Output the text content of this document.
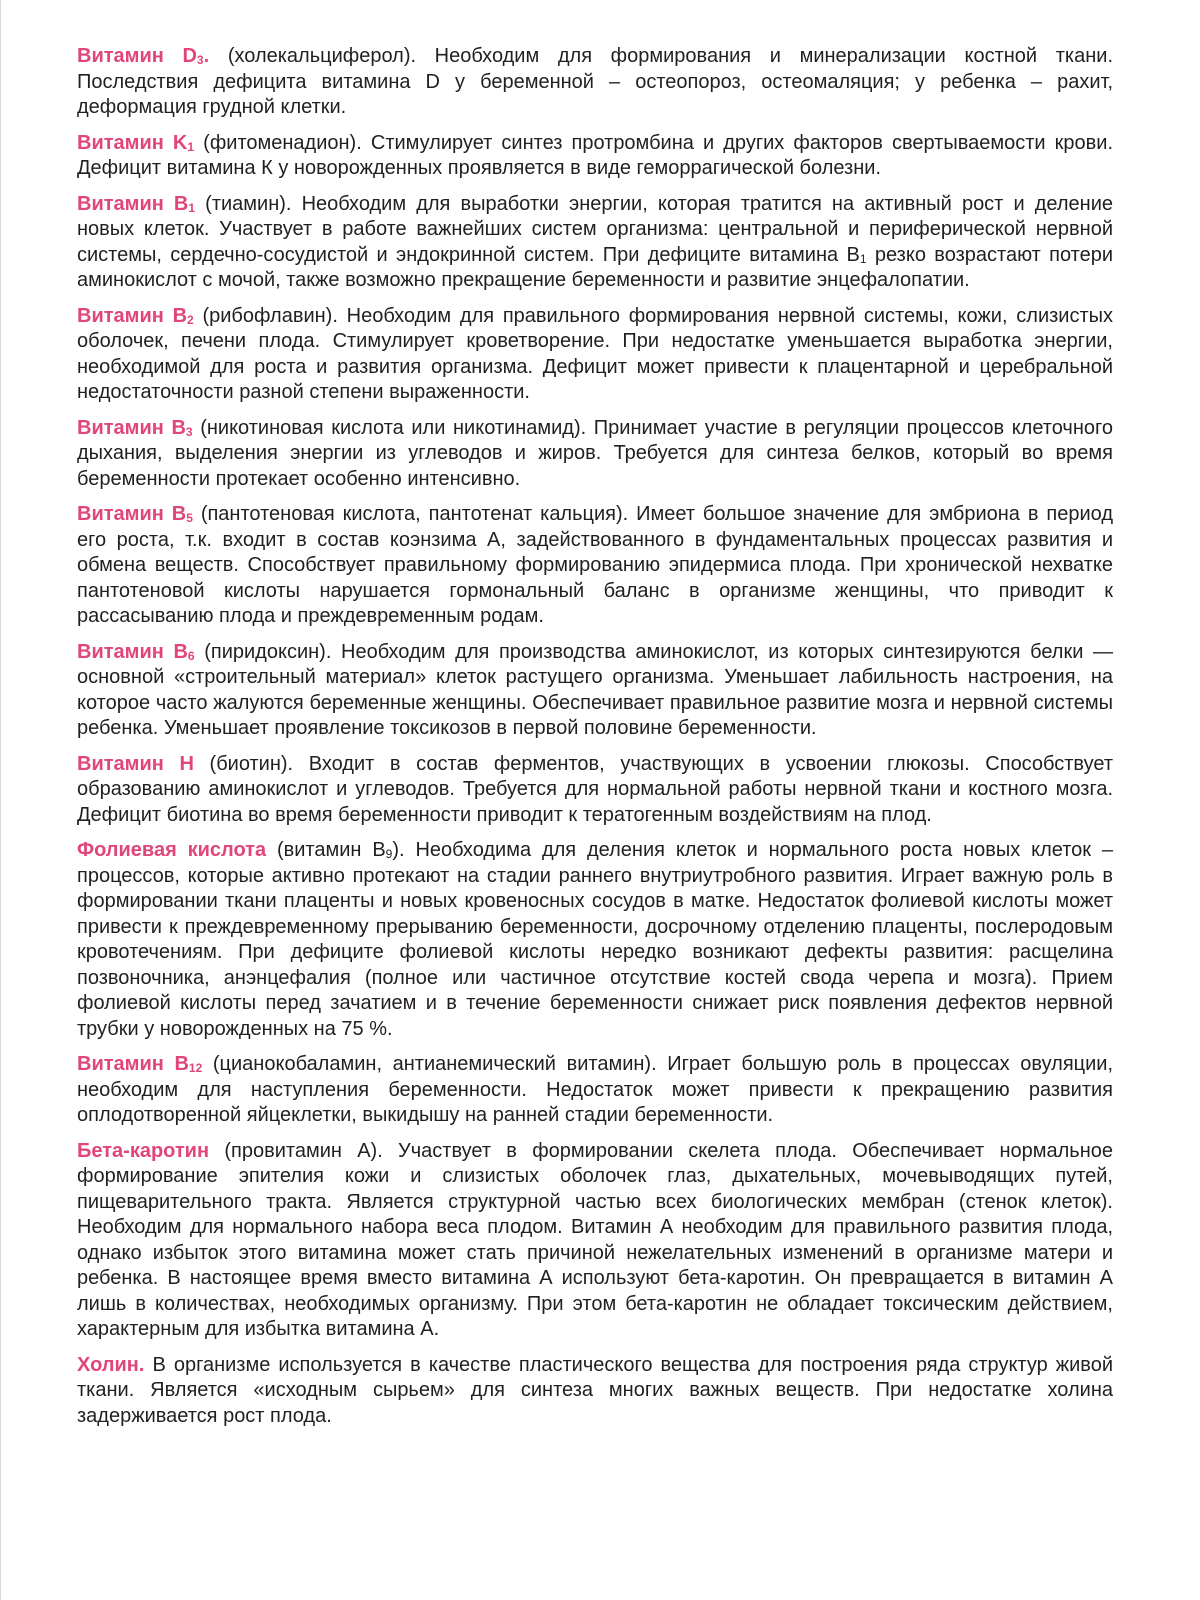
Витамин $D_3$. (холекальциферол). Необходим для формирования и минерализации костной ткани. Последствия дефицита витамина D у беременной – остеопороз, остеомаляция; у ребенка – рахит, деформация грудной клетки.

Витамин $K_1$ (фитоменадион). Стимулирует синтез протромбина и других факторов свертываемости крови. Дефицит витамина К у новорожденных проявляется в виде геморрагической болезни.

Витамин $B_1$ (тиамин). Необходим для выработки энергии, которая тратится на активный рост и деление новых клеток. Участвует в работе важнейших систем организма: центральной и периферической нервной системы, сердечно-сосудистой и эндокринной систем. При дефиците витамина $B_1$ резко возрастают потери аминокислот с мочой, также возможно прекращение беременности и развитие энцефалопатии.

Витамин $B_2$ (рибофлавин). Необходим для правильного формирования нервной системы, кожи, слизистых оболочек, печени плода. Стимулирует кроветворение. При недостатке уменьшается выработка энергии, необходимой для роста и развития организма. Дефицит может привести к плацентарной и церебральной недостаточности разной степени выраженности.

Витамин $B_3$ (никотиновая кислота или никотинамид). Принимает участие в регуляции процессов клеточного дыхания, выделения энергии из углеводов и жиров. Требуется для синтеза белков, который во время беременности протекает особенно интенсивно.

Витамин $B_5$ (пантотеновая кислота, пантотенат кальция). Имеет большое значение для эмбриона в период его роста, т.к. входит в состав коэнзима А, задействованного в фундаментальных процессах развития и обмена веществ. Способствует правильному формированию эпидермиса плода. При хронической нехватке пантотеновой кислоты нарушается гормональный баланс в организме женщины, что приводит к рассасыванию плода и преждевременным родам.

Витамин $B_6$ (пиридоксин). Необходим для производства аминокислот, из которых синтезируются белки — основной «строительный материал» клеток растущего организма. Уменьшает лабильность настроения, на которое часто жалуются беременные женщины. Обеспечивает правильное развитие мозга и нервной системы ребенка. Уменьшает проявление токсикозов в первой половине беременности.

Витамин H (биотин). Входит в состав ферментов, участвующих в усвоении глюкозы. Способствует образованию аминокислот и углеводов. Требуется для нормальной работы нервной ткани и костного мозга. Дефицит биотина во время беременности приводит к тератогенным воздействиям на плод.

Фолиевая кислота (витамин $B_9$). Необходима для деления клеток и нормального роста новых клеток – процессов, которые активно протекают на стадии раннего внутриутробного развития. Играет важную роль в формировании ткани плаценты и новых кровеносных сосудов в матке. Недостаток фолиевой кислоты может привести к преждевременному прерыванию беременности, досрочному отделению плаценты, послеродовым кровотечениям. При дефиците фолиевой кислоты нередко возникают дефекты развития: расщелина позвоночника, анэнцефалия (полное или частичное отсутствие костей свода черепа и мозга). Прием фолиевой кислоты перед зачатием и в течение беременности снижает риск появления дефектов нервной трубки у новорожденных на 75 %.

Витамин $B_{12}$ (цианокобаламин, антианемический витамин). Играет большую роль в процессах овуляции, необходим для наступления беременности. Недостаток может привести к прекращению развития оплодотворенной яйцеклетки, выкидышу на ранней стадии беременности.

Бета-каротин (провитамин А). Участвует в формировании скелета плода. Обеспечивает нормальное формирование эпителия кожи и слизистых оболочек глаз, дыхательных, мочевыводящих путей, пищеварительного тракта. Является структурной частью всех биологических мембран (стенок клеток). Необходим для нормального набора веса плодом. Витамин А необходим для правильного развития плода, однако избыток этого витамина может стать причиной нежелательных изменений в организме матери и ребенка. В настоящее время вместо витамина А используют бета-каротин. Он превращается в витамин А лишь в количествах, необходимых организму. При этом бета-каротин не обладает токсическим действием, характерным для избытка витамина А.

Холин. В организме используется в качестве пластического вещества для построения ряда структур живой ткани. Является «исходным сырьем» для синтеза многих важных веществ. При недостатке холина задерживается рост плода.
